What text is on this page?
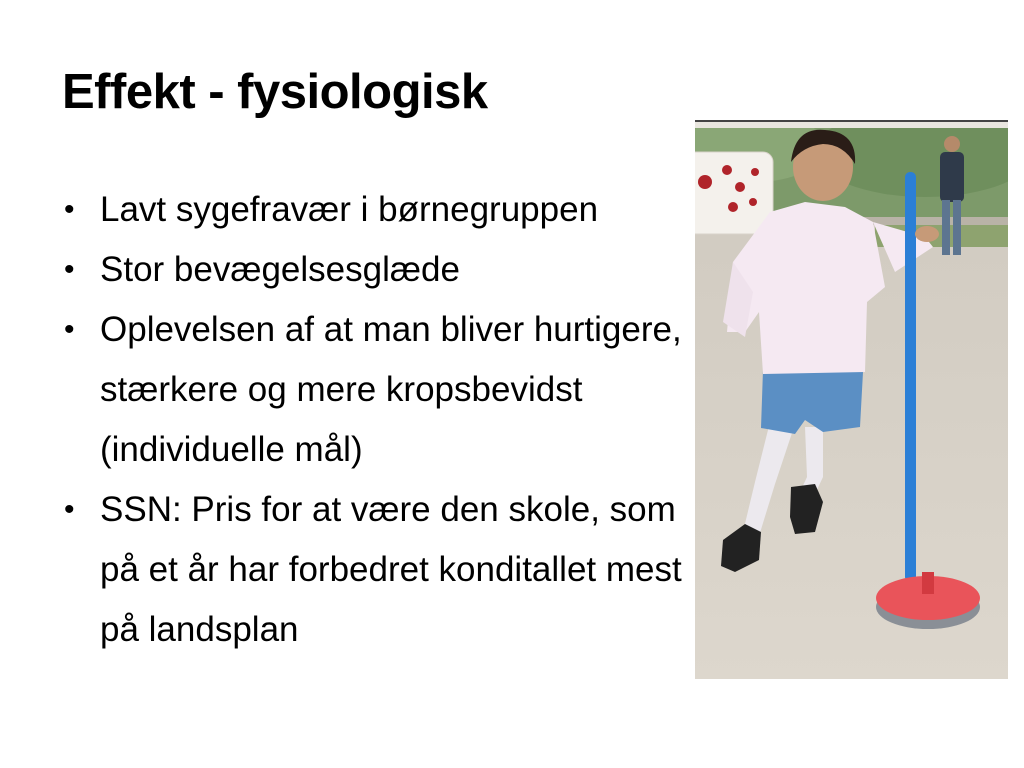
Effekt - fysiologisk
• Lavt sygefravær i børnegruppen
• Stor bevægelsesglæde
• Oplevelsen af at man bliver hurtigere, stærkere og mere kropsbevidst (individuelle mål)
• SSN: Pris for at være den skole, som på et år har forbedret konditallet mest på landsplan
